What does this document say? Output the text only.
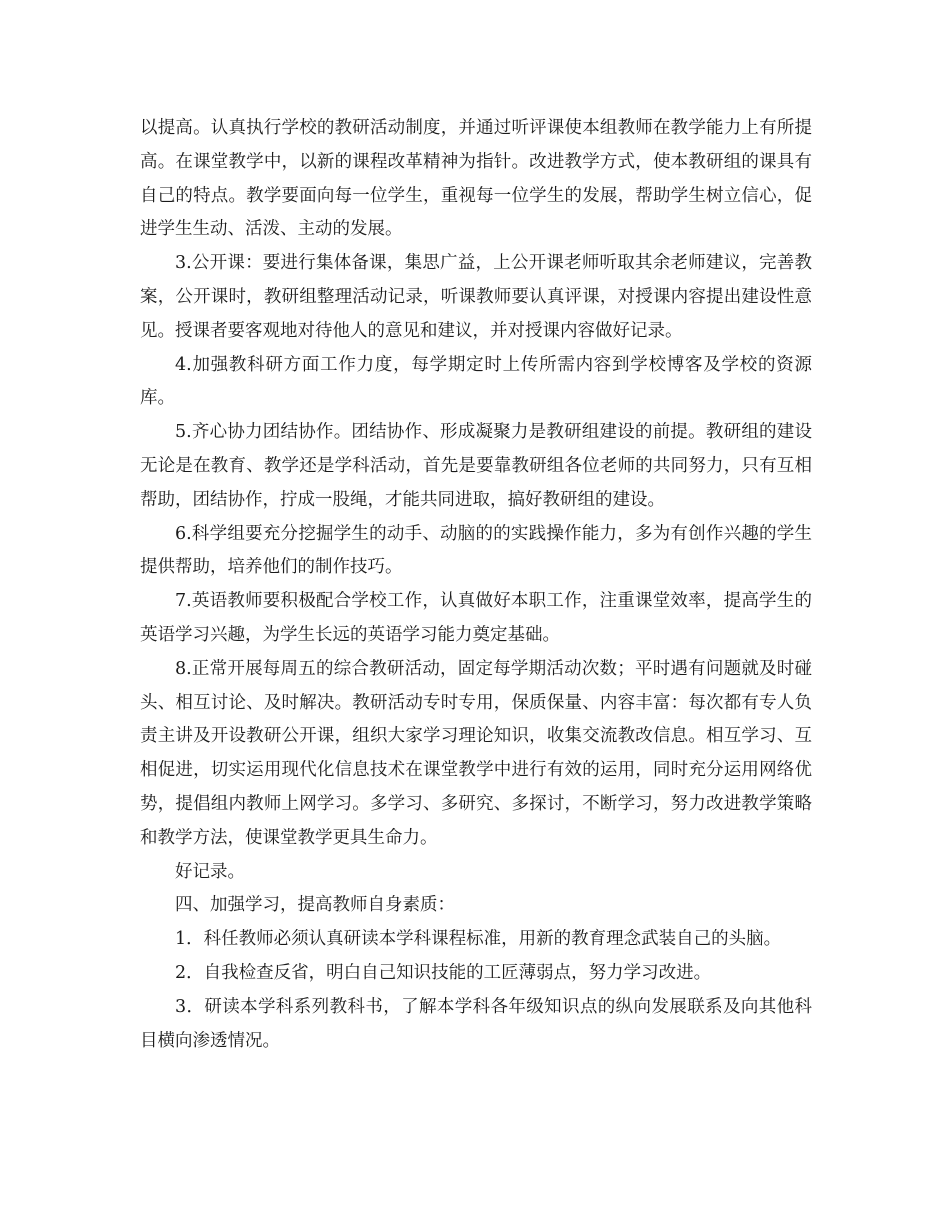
以提高。认真执行学校的教研活动制度，并通过听评课使本组教师在教学能力上有所提高。在课堂教学中，以新的课程改革精神为指针。改进教学方式，使本教研组的课具有自己的特点。教学要面向每一位学生，重视每一位学生的发展，帮助学生树立信心，促进学生生动、活泼、主动的发展。

3.公开课：要进行集体备课，集思广益，上公开课老师听取其余老师建议，完善教案，公开课时，教研组整理活动记录，听课教师要认真评课，对授课内容提出建设性意见。授课者要客观地对待他人的意见和建议，并对授课内容做好记录。

4.加强教科研方面工作力度，每学期定时上传所需内容到学校博客及学校的资源库。

5.齐心协力团结协作。团结协作、形成凝聚力是教研组建设的前提。教研组的建设无论是在教育、教学还是学科活动，首先是要靠教研组各位老师的共同努力，只有互相帮助，团结协作，拧成一股绳，才能共同进取，搞好教研组的建设。

6.科学组要充分挖掘学生的动手、动脑的的实践操作能力，多为有创作兴趣的学生提供帮助，培养他们的制作技巧。

7.英语教师要积极配合学校工作，认真做好本职工作，注重课堂效率，提高学生的英语学习兴趣，为学生长远的英语学习能力奠定基础。

8.正常开展每周五的综合教研活动，固定每学期活动次数；平时遇有问题就及时碰头、相互讨论、及时解决。教研活动专时专用，保质保量、内容丰富：每次都有专人负责主讲及开设教研公开课，组织大家学习理论知识，收集交流教改信息。相互学习、互相促进，切实运用现代化信息技术在课堂教学中进行有效的运用，同时充分运用网络优势，提倡组内教师上网学习。多学习、多研究、多探讨，不断学习，努力改进教学策略和教学方法，使课堂教学更具生命力。

好记录。

四、加强学习，提高教师自身素质：

1．科任教师必须认真研读本学科课程标准，用新的教育理念武装自己的头脑。

2．自我检查反省，明白自己知识技能的工匠薄弱点，努力学习改进。

3．研读本学科系列教科书，了解本学科各年级知识点的纵向发展联系及向其他科目横向渗透情况。
